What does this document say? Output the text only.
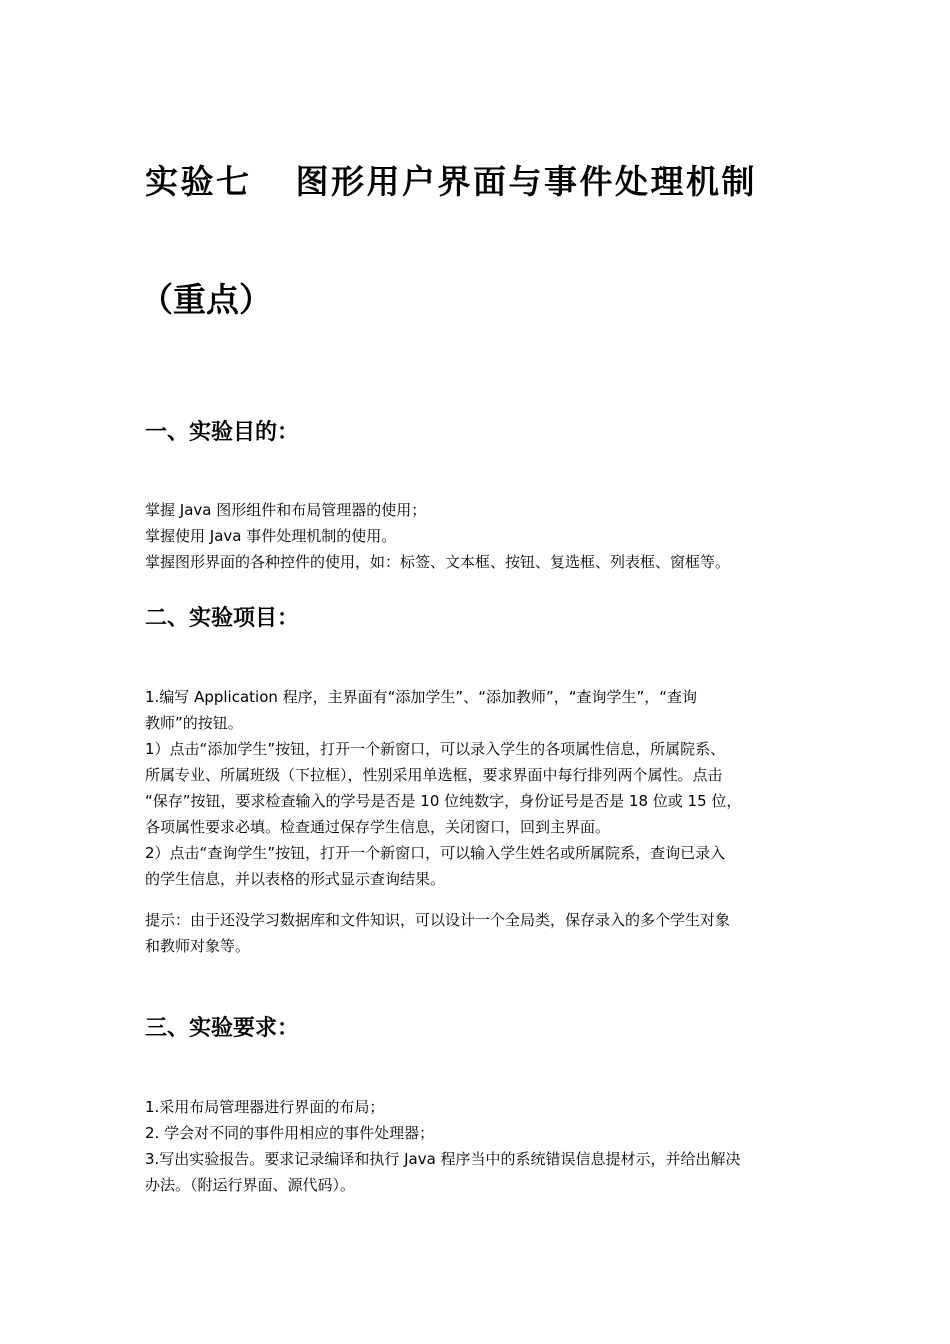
实验七 图形用户界面与事件处理机制
（重点）
一、实验目的：
掌握 Java 图形组件和布局管理器的使用；
掌握使用 Java 事件处理机制的使用。
掌握图形界面的各种控件的使用，如：标签、文本框、按钮、复选框、列表框、窗框等。
二、实验项目：
1.编写 Application 程序，主界面有“添加学生”、“添加教师”，“查询学生”，“查询
教师”的按钮。
1）点击“添加学生”按钮，打开一个新窗口，可以录入学生的各项属性信息，所属院系、
所属专业、所属班级（下拉框），性别采用单选框，要求界面中每行排列两个属性。点击
“保存”按钮，要求检查输入的学号是否是 10 位纯数字，身份证号是否是 18 位或 15 位，
各项属性要求必填。检查通过保存学生信息，关闭窗口，回到主界面。
2）点击“查询学生”按钮，打开一个新窗口，可以输入学生姓名或所属院系，查询已录入
的学生信息，并以表格的形式显示查询结果。
提示：由于还没学习数据库和文件知识，可以设计一个全局类，保存录入的多个学生对象
和教师对象等。
三、实验要求：
1.采用布局管理器进行界面的布局；
2. 学会对不同的事件用相应的事件处理器；
3.写出实验报告。要求记录编译和执行 Java 程序当中的系统错误信息提材示，并给出解决
办法。（附运行界面、源代码）。
